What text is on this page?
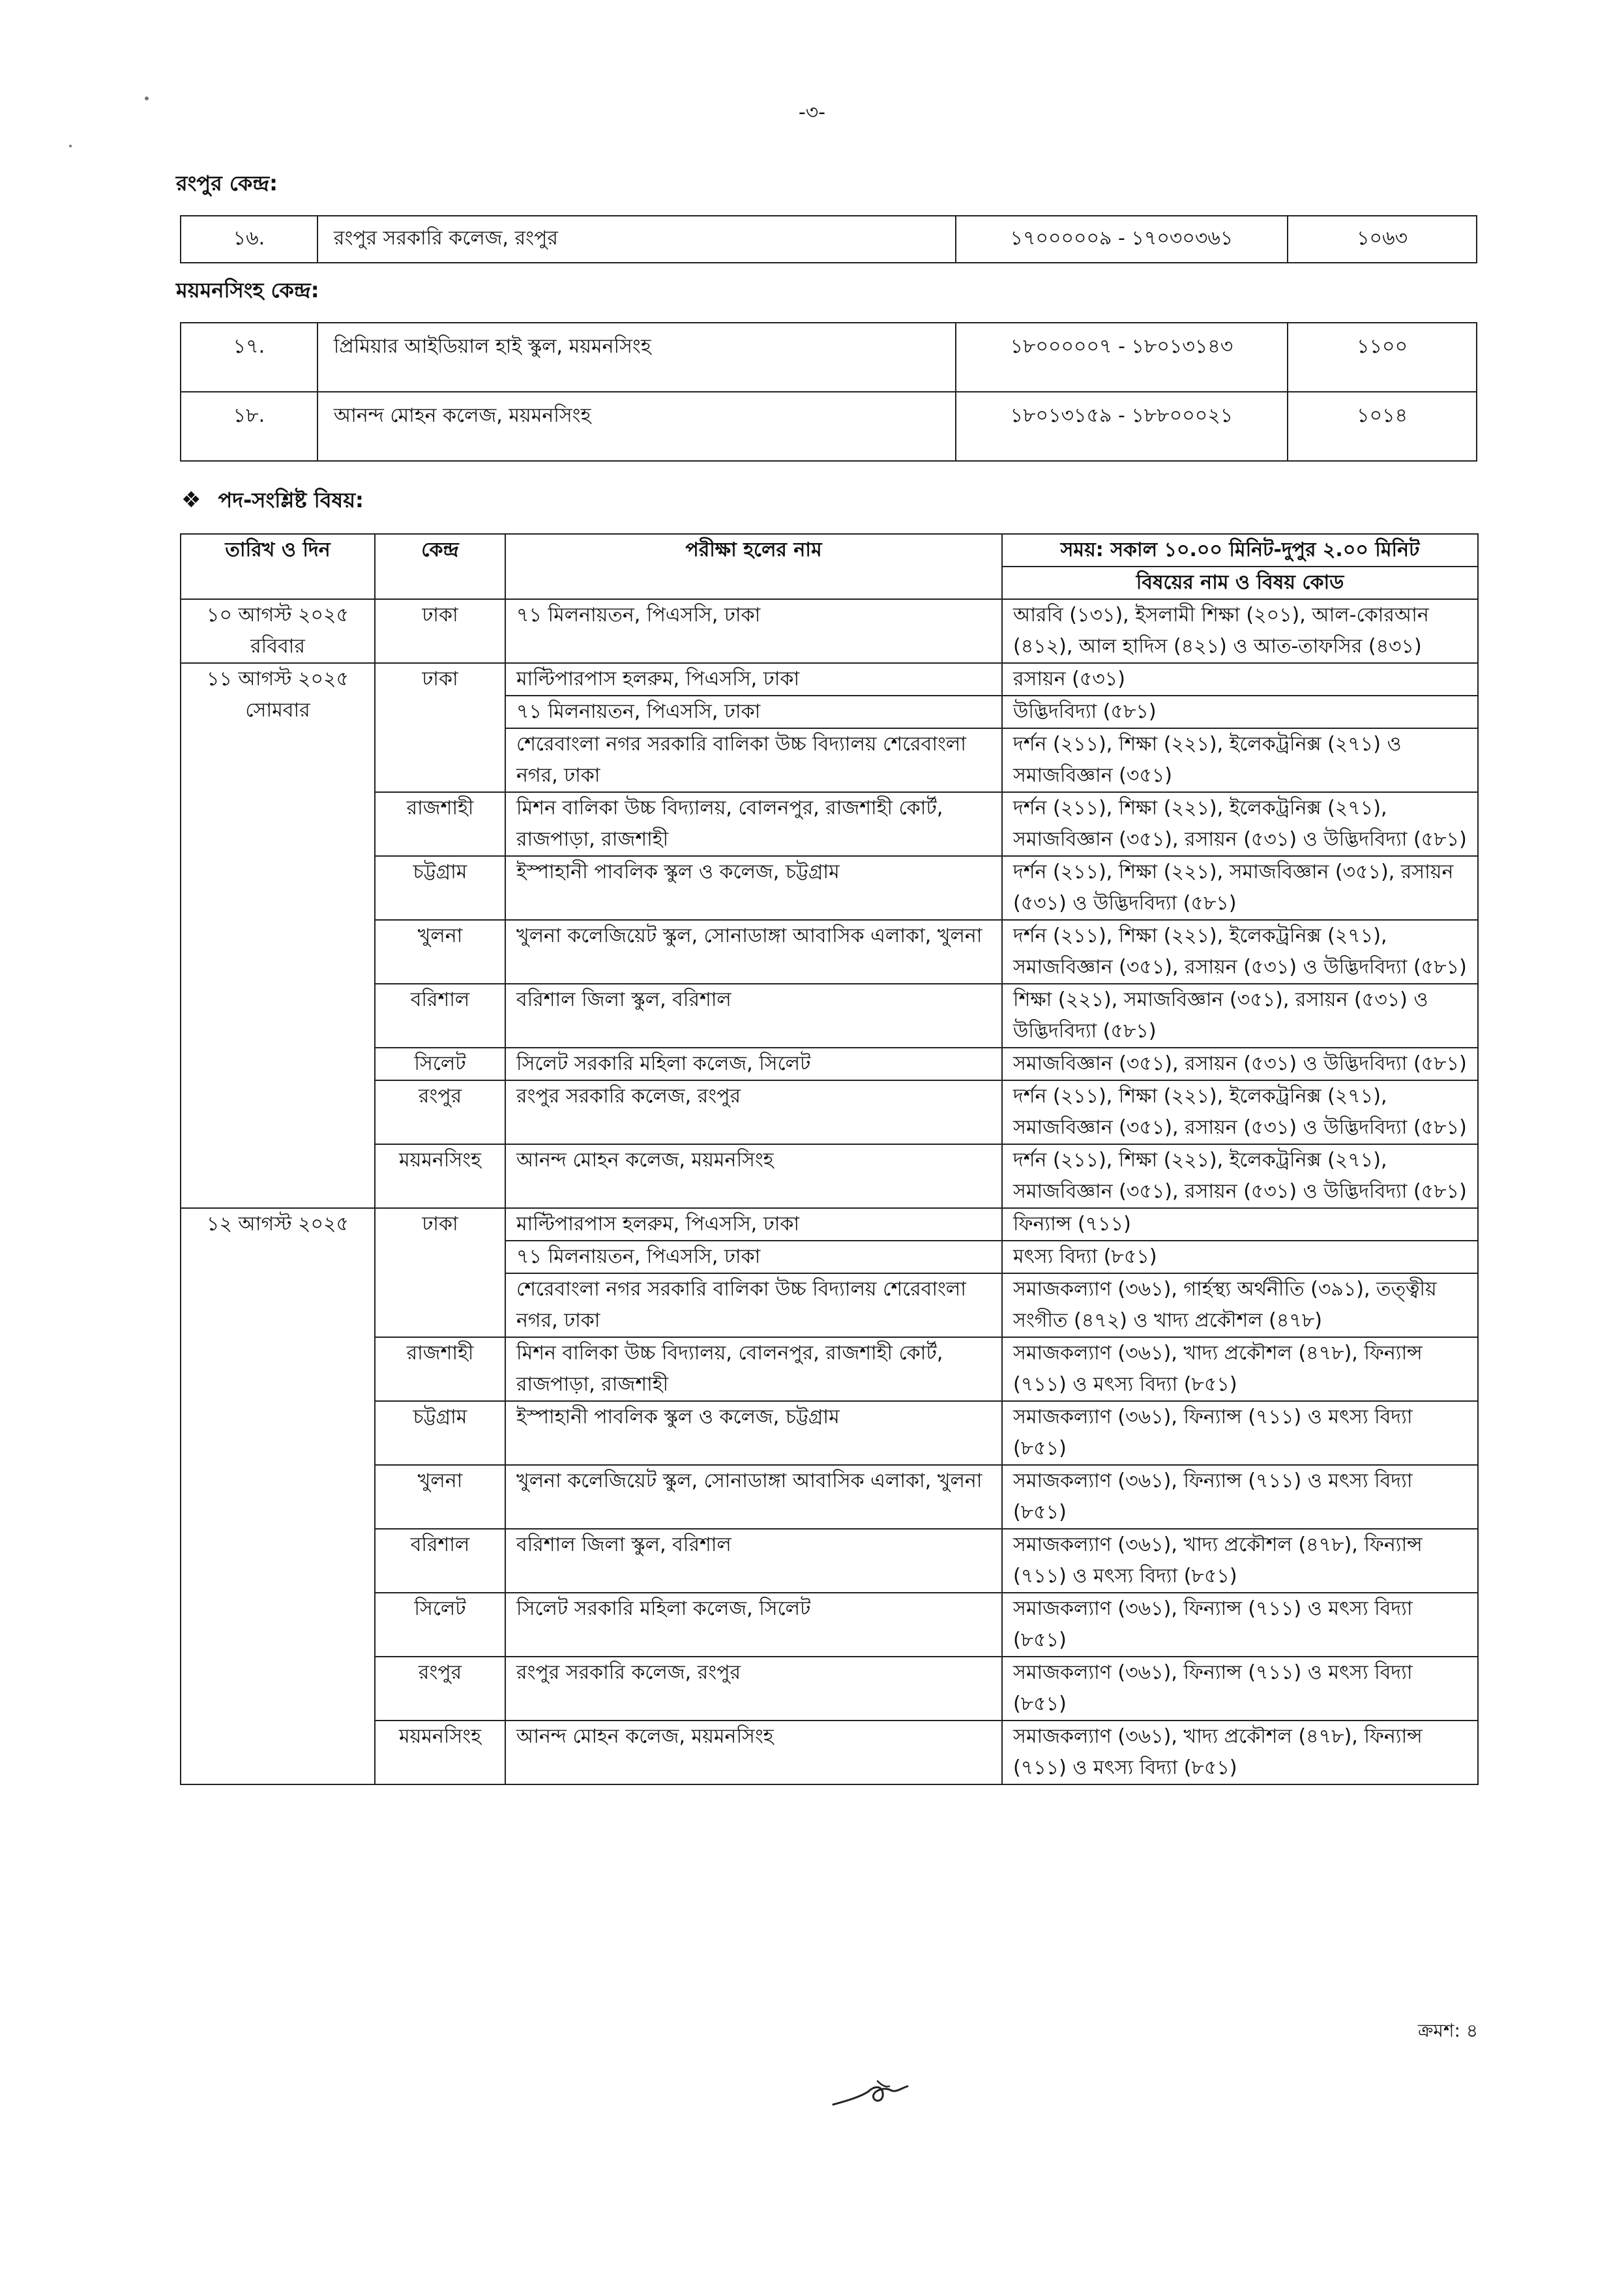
-৩-
রংপুর কেন্দ্র:
১৬.	রংপুর সরকারি কলেজ, রংপুর	১৭০০০০০৯ - ১৭০৩০৩৬১	১০৬৩
ময়মনসিংহ কেন্দ্র:
১৭.	প্রিমিয়ার আইডিয়াল হাই স্কুল, ময়মনসিংহ	১৮০০০০০৭ - ১৮০১৩১৪৩	১১০০
১৮.	আনন্দ মোহন কলেজ, ময়মনসিংহ	১৮০১৩১৫৯ - ১৮৮০০০২১	১০১৪
❖ পদ-সংশ্লিষ্ট বিষয়:
তারিখ ও দিন	কেন্দ্র	পরীক্ষা হলের নাম	সময়: সকাল ১০.০০ মিনিট-দুপুর ২.০০ মিনিট
			বিষয়ের নাম ও বিষয় কোড
১০ আগস্ট ২০২৫ রবিবার	ঢাকা	৭১ মিলনায়তন, পিএসসি, ঢাকা	আরবি (১৩১), ইসলামী শিক্ষা (২০১), আল-কোরআন (৪১২), আল হাদিস (৪২১) ও আত-তাফসির (৪৩১)
১১ আগস্ট ২০২৫ সোমবার	ঢাকা	মাল্টিপারপাস হলরুম, পিএসসি, ঢাকা	রসায়ন (৫৩১)
		৭১ মিলনায়তন, পিএসসি, ঢাকা	উদ্ভিদবিদ্যা (৫৮১)
		শেরেবাংলা নগর সরকারি বালিকা উচ্চ বিদ্যালয় শেরেবাংলা নগর, ঢাকা	দর্শন (২১১), শিক্ষা (২২১), ইলেকট্রনিক্স (২৭১) ও সমাজবিজ্ঞান (৩৫১)
	রাজশাহী	মিশন বালিকা উচ্চ বিদ্যালয়, বোলনপুর, রাজশাহী কোর্ট, রাজপাড়া, রাজশাহী	দর্শন (২১১), শিক্ষা (২২১), ইলেকট্রনিক্স (২৭১), সমাজবিজ্ঞান (৩৫১), রসায়ন (৫৩১) ও উদ্ভিদবিদ্যা (৫৮১)
	চট্টগ্রাম	ইস্পাহানী পাবলিক স্কুল ও কলেজ, চট্টগ্রাম	দর্শন (২১১), শিক্ষা (২২১), সমাজবিজ্ঞান (৩৫১), রসায়ন (৫৩১) ও উদ্ভিদবিদ্যা (৫৮১)
	খুলনা	খুলনা কলেজিয়েট স্কুল, সোনাডাঙ্গা আবাসিক এলাকা, খুলনা	দর্শন (২১১), শিক্ষা (২২১), ইলেকট্রনিক্স (২৭১), সমাজবিজ্ঞান (৩৫১), রসায়ন (৫৩১) ও উদ্ভিদবিদ্যা (৫৮১)
	বরিশাল	বরিশাল জিলা স্কুল, বরিশাল	শিক্ষা (২২১), সমাজবিজ্ঞান (৩৫১), রসায়ন (৫৩১) ও উদ্ভিদবিদ্যা (৫৮১)
	সিলেট	সিলেট সরকারি মহিলা কলেজ, সিলেট	সমাজবিজ্ঞান (৩৫১), রসায়ন (৫৩১) ও উদ্ভিদবিদ্যা (৫৮১)
	রংপুর	রংপুর সরকারি কলেজ, রংপুর	দর্শন (২১১), শিক্ষা (২২১), ইলেকট্রনিক্স (২৭১), সমাজবিজ্ঞান (৩৫১), রসায়ন (৫৩১) ও উদ্ভিদবিদ্যা (৫৮১)
	ময়মনসিংহ	আনন্দ মোহন কলেজ, ময়মনসিংহ	দর্শন (২১১), শিক্ষা (২২১), ইলেকট্রনিক্স (২৭১), সমাজবিজ্ঞান (৩৫১), রসায়ন (৫৩১) ও উদ্ভিদবিদ্যা (৫৮১)
১২ আগস্ট ২০২৫	ঢাকা	মাল্টিপারপাস হলরুম, পিএসসি, ঢাকা	ফিন্যান্স (৭১১)
		৭১ মিলনায়তন, পিএসসি, ঢাকা	মৎস্য বিদ্যা (৮৫১)
		শেরেবাংলা নগর সরকারি বালিকা উচ্চ বিদ্যালয় শেরেবাংলা নগর, ঢাকা	সমাজকল্যাণ (৩৬১), গার্হস্থ্য অর্থনীতি (৩৯১), তত্ত্বীয় সংগীত (৪৭২) ও খাদ্য প্রকৌশল (৪৭৮)
	রাজশাহী	মিশন বালিকা উচ্চ বিদ্যালয়, বোলনপুর, রাজশাহী কোর্ট, রাজপাড়া, রাজশাহী	সমাজকল্যাণ (৩৬১), খাদ্য প্রকৌশল (৪৭৮), ফিন্যান্স (৭১১) ও মৎস্য বিদ্যা (৮৫১)
	চট্টগ্রাম	ইস্পাহানী পাবলিক স্কুল ও কলেজ, চট্টগ্রাম	সমাজকল্যাণ (৩৬১), ফিন্যান্স (৭১১) ও মৎস্য বিদ্যা (৮৫১)
	খুলনা	খুলনা কলেজিয়েট স্কুল, সোনাডাঙ্গা আবাসিক এলাকা, খুলনা	সমাজকল্যাণ (৩৬১), ফিন্যান্স (৭১১) ও মৎস্য বিদ্যা (৮৫১)
	বরিশাল	বরিশাল জিলা স্কুল, বরিশাল	সমাজকল্যাণ (৩৬১), খাদ্য প্রকৌশল (৪৭৮), ফিন্যান্স (৭১১) ও মৎস্য বিদ্যা (৮৫১)
	সিলেট	সিলেট সরকারি মহিলা কলেজ, সিলেট	সমাজকল্যাণ (৩৬১), ফিন্যান্স (৭১১) ও মৎস্য বিদ্যা (৮৫১)
	রংপুর	রংপুর সরকারি কলেজ, রংপুর	সমাজকল্যাণ (৩৬১), ফিন্যান্স (৭১১) ও মৎস্য বিদ্যা (৮৫১)
	ময়মনসিংহ	আনন্দ মোহন কলেজ, ময়মনসিংহ	সমাজকল্যাণ (৩৬১), খাদ্য প্রকৌশল (৪৭৮), ফিন্যান্স (৭১১) ও মৎস্য বিদ্যা (৮৫১)
ক্রমশ: ৪
